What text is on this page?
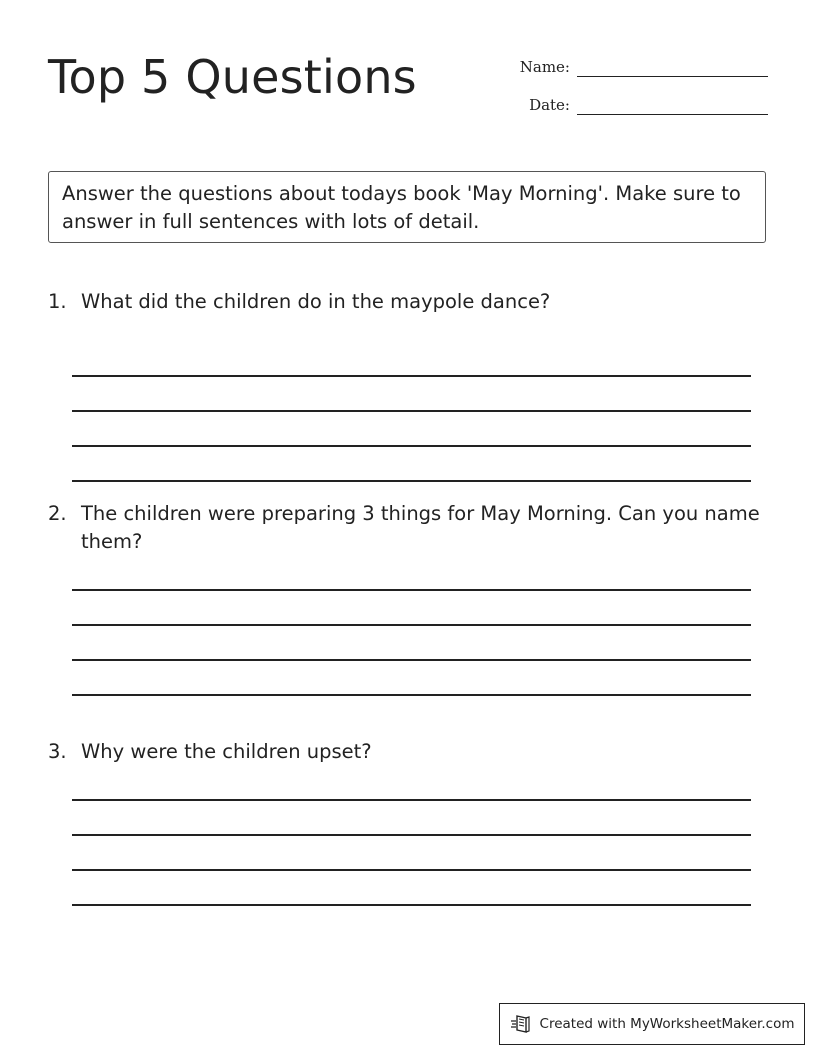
Top 5 Questions	Name:
Date:
Answer the questions about todays book 'May Morning'. Make sure to answer in full sentences with lots of detail.
1. What did the children do in the maypole dance?
2. The children were preparing 3 things for May Morning. Can you name them?
3. Why were the children upset?
Created with MyWorksheetMaker.com
